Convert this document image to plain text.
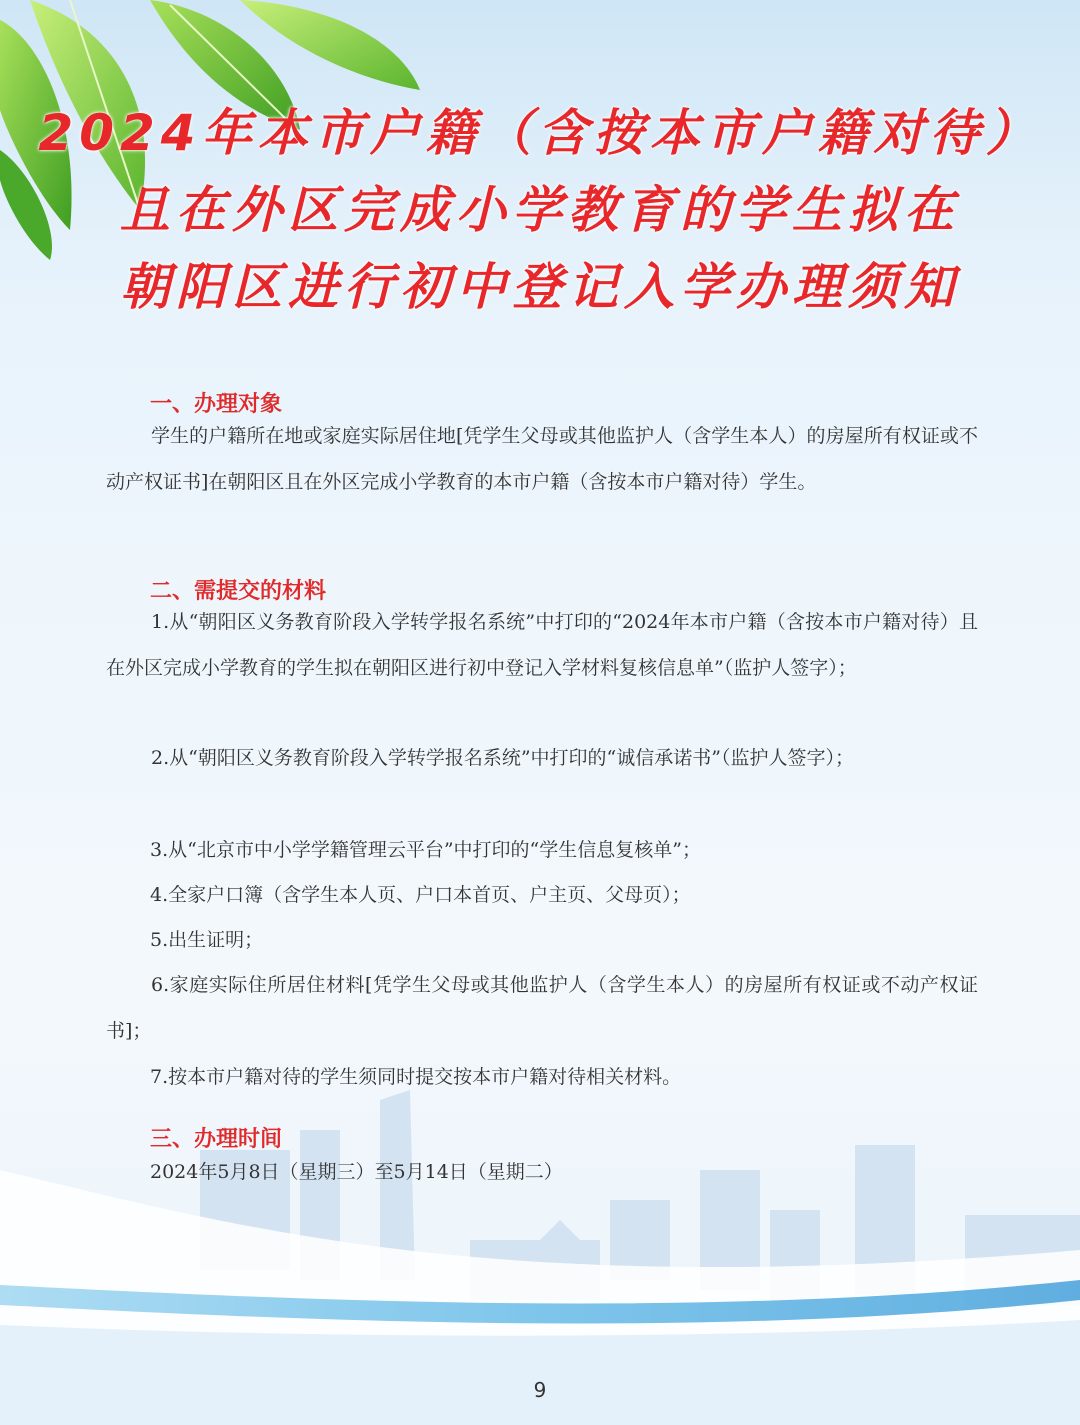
2024年本市户籍（含按本市户籍对待）
且在外区完成小学教育的学生拟在
朝阳区进行初中登记入学办理须知
一、办理对象
学生的户籍所在地或家庭实际居住地[凭学生父母或其他监护人（含学生本人）的房屋所有权证或不动产权证书]在朝阳区且在外区完成小学教育的本市户籍（含按本市户籍对待）学生。
二、需提交的材料
1.从“朝阳区义务教育阶段入学转学报名系统”中打印的“2024年本市户籍（含按本市户籍对待）且在外区完成小学教育的学生拟在朝阳区进行初中登记入学材料复核信息单”（监护人签字）；
2.从“朝阳区义务教育阶段入学转学报名系统”中打印的“诚信承诺书”（监护人签字）；
3.从“北京市中小学学籍管理云平台”中打印的“学生信息复核单”；
4.全家户口簿（含学生本人页、户口本首页、户主页、父母页）；
5.出生证明；
6.家庭实际住所居住材料[凭学生父母或其他监护人（含学生本人）的房屋所有权证或不动产权证书]；
7.按本市户籍对待的学生须同时提交按本市户籍对待相关材料。
三、办理时间
2024年5月8日（星期三）至5月14日（星期二）
9
